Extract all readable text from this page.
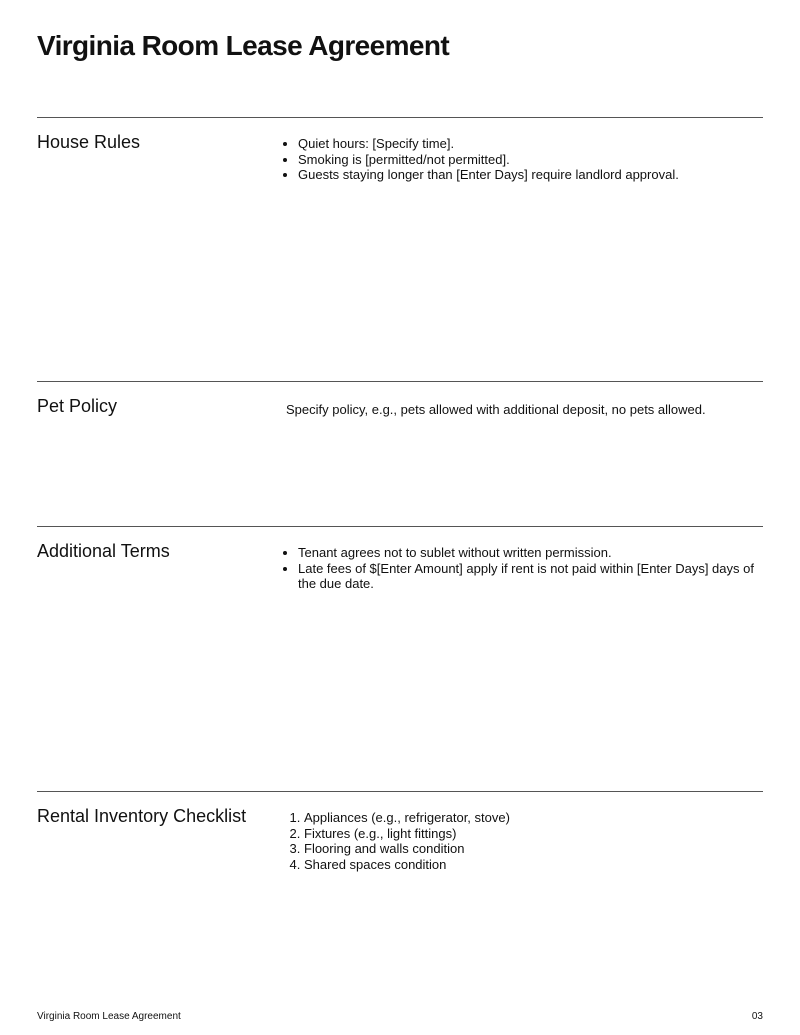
Virginia Room Lease Agreement
House Rules	• Quiet hours: [Specify time].
• Smoking is [permitted/not permitted].
• Guests staying longer than [Enter Days] require landlord approval.
Pet Policy	Specify policy, e.g., pets allowed with additional deposit, no pets allowed.
Additional Terms	• Tenant agrees not to sublet without written permission.
• Late fees of $[Enter Amount] apply if rent is not paid within [Enter Days] days of the due date.
Rental Inventory Checklist	1. Appliances (e.g., refrigerator, stove)
2. Fixtures (e.g., light fittings)
3. Flooring and walls condition
4. Shared spaces condition
Virginia Room Lease Agreement	03
